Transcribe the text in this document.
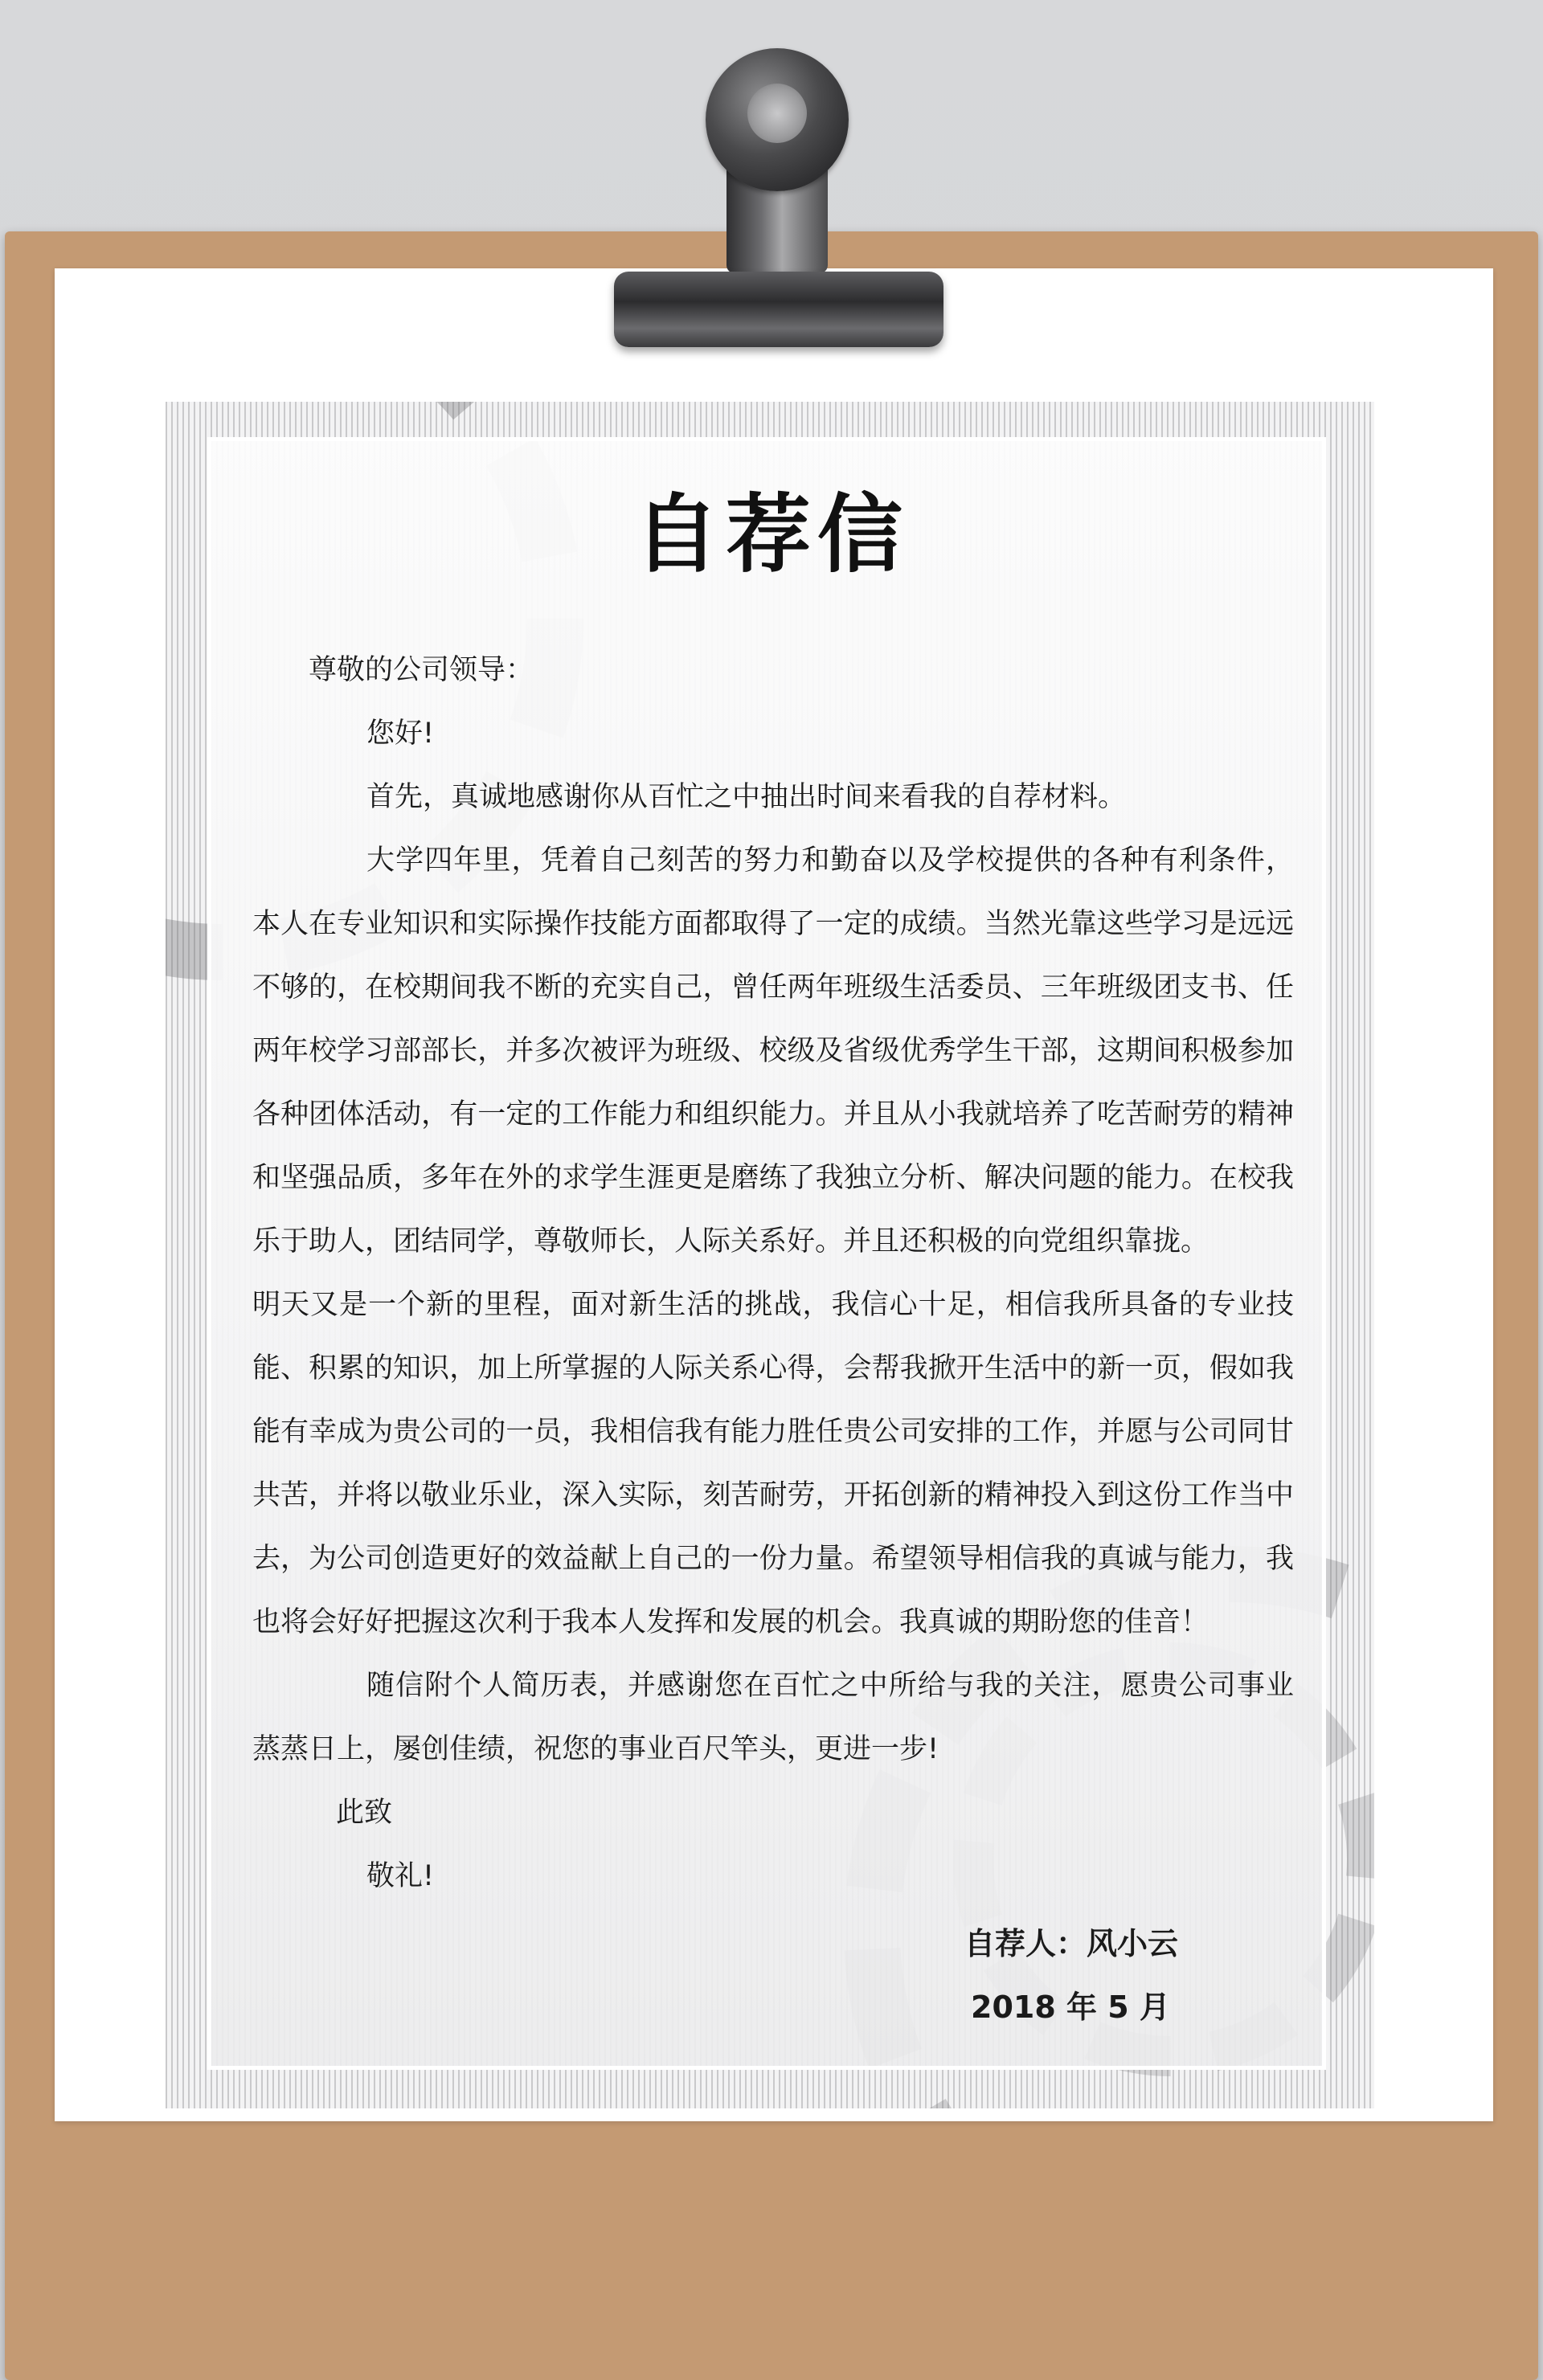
自荐信

尊敬的公司领导：

您好!

首先，真诚地感谢你从百忙之中抽出时间来看我的自荐材料。

大学四年里，凭着自己刻苦的努力和勤奋以及学校提供的各种有利条件，本人在专业知识和实际操作技能方面都取得了一定的成绩。当然光靠这些学习是远远不够的，在校期间我不断的充实自己，曾任两年班级生活委员、三年班级团支书、任两年校学习部部长，并多次被评为班级、校级及省级优秀学生干部，这期间积极参加各种团体活动，有一定的工作能力和组织能力。并且从小我就培养了吃苦耐劳的精神和坚强品质，多年在外的求学生涯更是磨练了我独立分析、解决问题的能力。在校我乐于助人，团结同学，尊敬师长，人际关系好。并且还积极的向党组织靠拢。

明天又是一个新的里程，面对新生活的挑战，我信心十足，相信我所具备的专业技能、积累的知识，加上所掌握的人际关系心得，会帮我掀开生活中的新一页，假如我能有幸成为贵公司的一员，我相信我有能力胜任贵公司安排的工作，并愿与公司同甘共苦，并将以敬业乐业，深入实际，刻苦耐劳，开拓创新的精神投入到这份工作当中去，为公司创造更好的效益献上自己的一份力量。希望领导相信我的真诚与能力，我也将会好好把握这次利于我本人发挥和发展的机会。我真诚的期盼您的佳音！

随信附个人简历表，并感谢您在百忙之中所给与我的关注，愿贵公司事业蒸蒸日上，屡创佳绩，祝您的事业百尺竿头，更进一步!

此致

敬礼!

自荐人：风小云
2018 年 5 月
